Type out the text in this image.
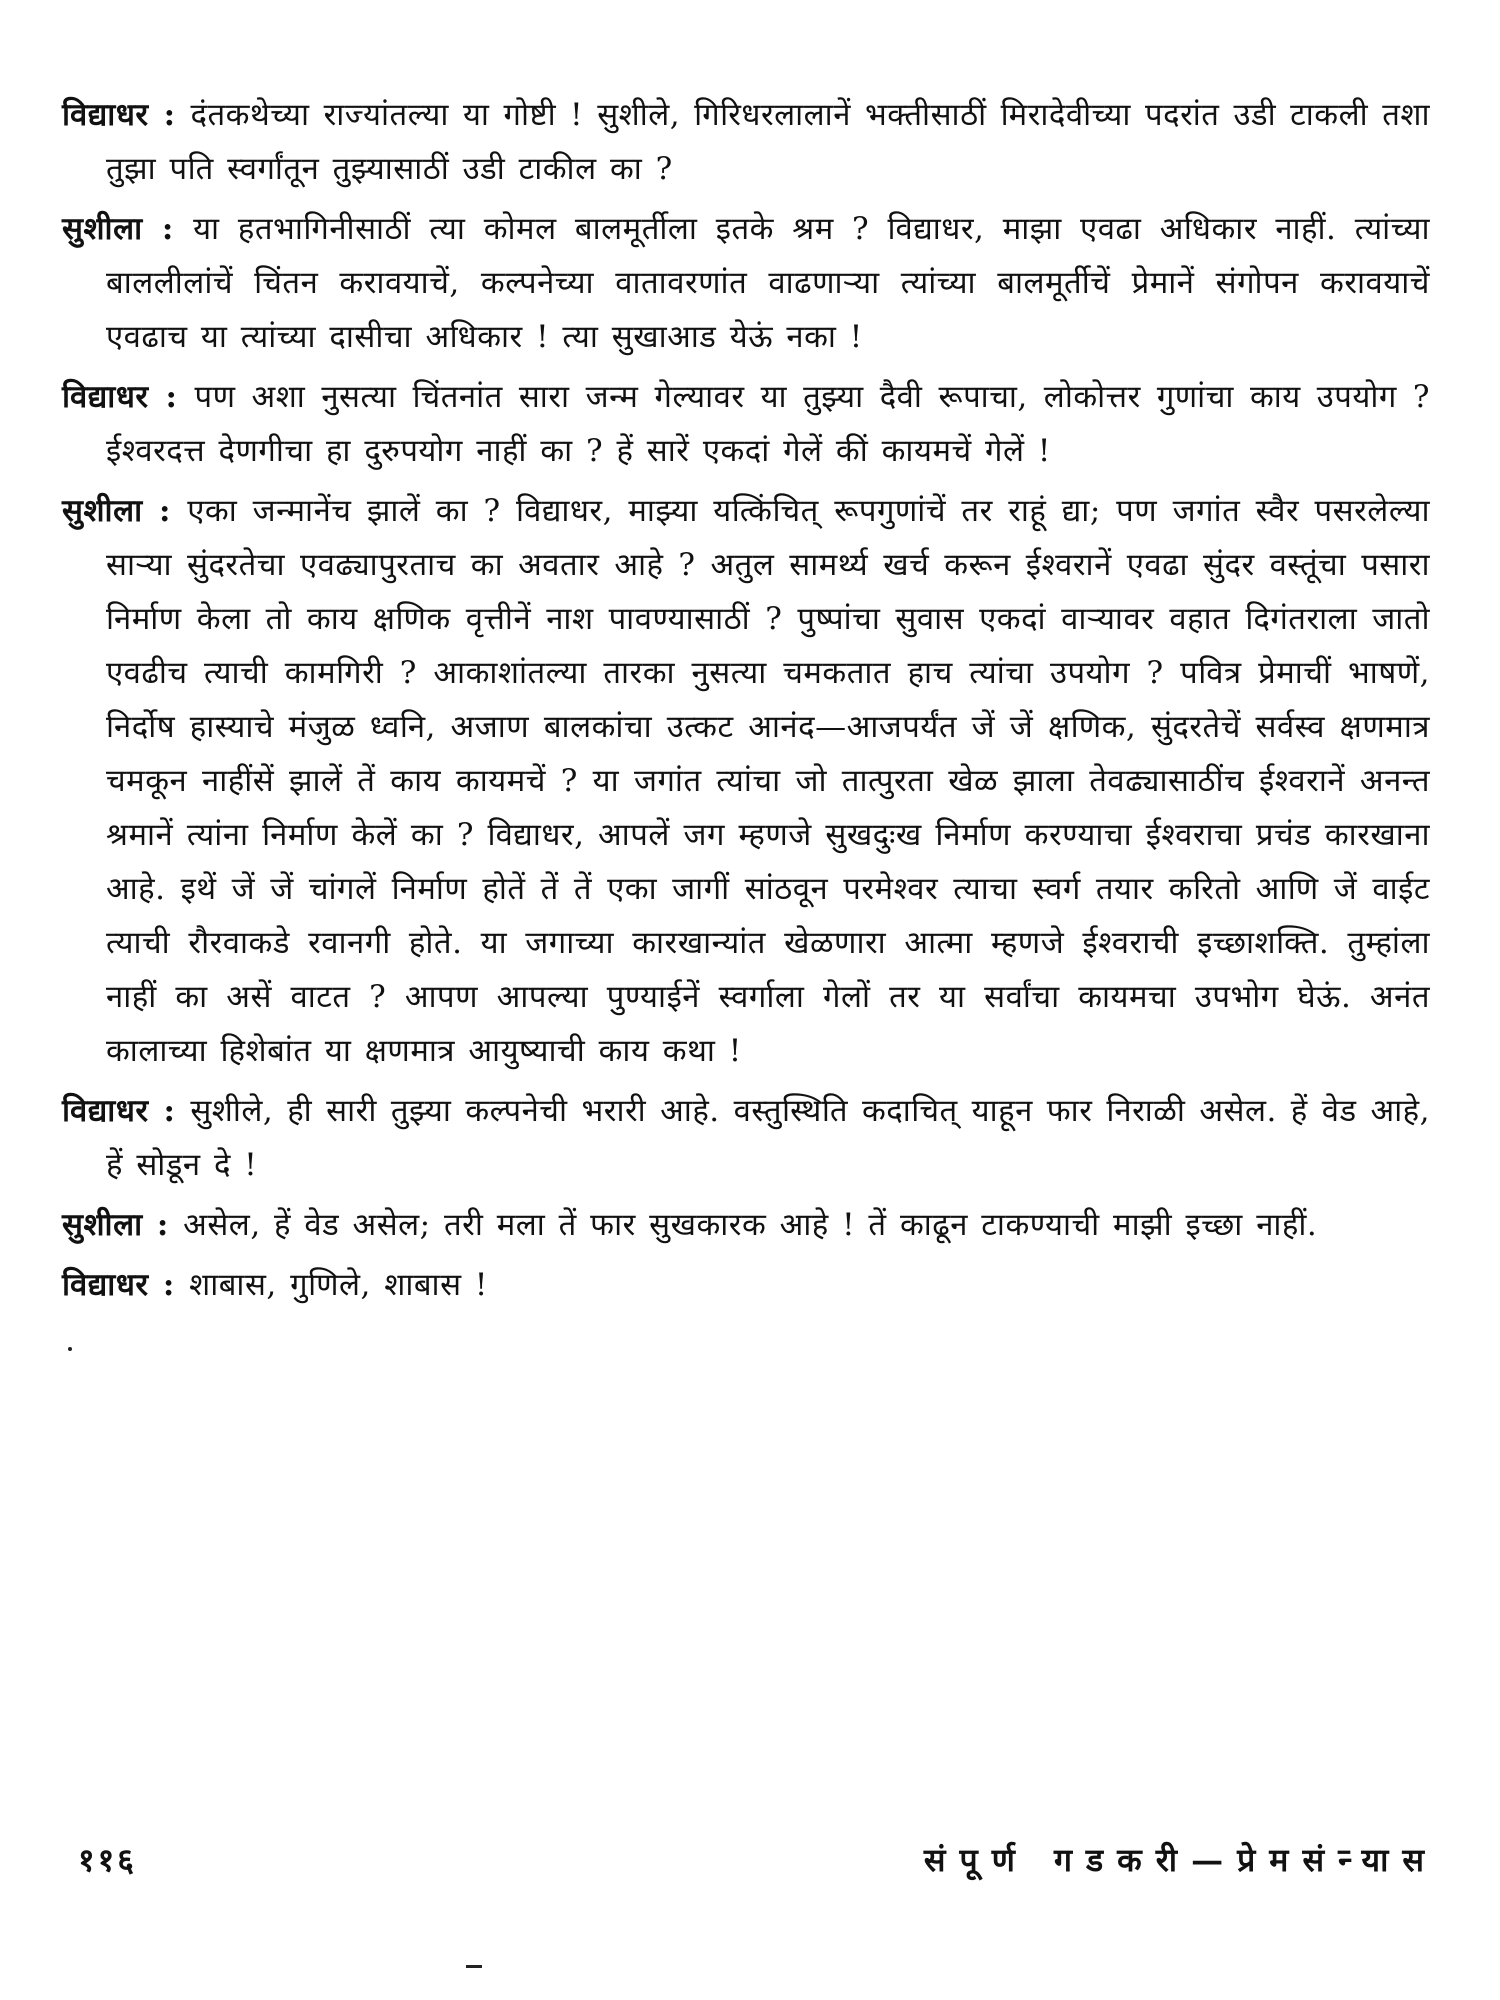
विद्याधर : दंतकथेच्या राज्यांतल्या या गोष्टी ! सुशीले, गिरिधरलालानें भक्तीसाठीं मिरादेवीच्या पदरांत उडी टाकली तशा तुझा पति स्वर्गांतून तुझ्यासाठीं उडी टाकील का ?

सुशीला : या हतभागिनीसाठीं त्या कोमल बालमूर्तीला इतके श्रम ? विद्याधर, माझा एवढा अधिकार नाहीं. त्यांच्या बाललीलांचें चिंतन करावयाचें, कल्पनेच्या वातावरणांत वाढणाऱ्या त्यांच्या बालमूर्तीचें प्रेमानें संगोपन करावयाचें एवढाच या त्यांच्या दासीचा अधिकार ! त्या सुखाआड येऊं नका !

विद्याधर : पण अशा नुसत्या चिंतनांत सारा जन्म गेल्यावर या तुझ्या दैवी रूपाचा, लोकोत्तर गुणांचा काय उपयोग ? ईश्वरदत्त देणगीचा हा दुरुपयोग नाहीं का ? हें सारें एकदां गेलें कीं कायमचें गेलें !

सुशीला : एका जन्मानेंच झालें का ? विद्याधर, माझ्या यत्किंचित् रूपगुणांचें तर राहूं द्या; पण जगांत स्वैर पसरलेल्या साऱ्या सुंदरतेचा एवढ्यापुरताच का अवतार आहे ? अतुल सामर्थ्य खर्च करून ईश्वरानें एवढा सुंदर वस्तूंचा पसारा निर्माण केला तो काय क्षणिक वृत्तीनें नाश पावण्यासाठीं ? पुष्पांचा सुवास एकदां वाऱ्यावर वहात दिगंतराला जातो एवढीच त्याची कामगिरी ? आकाशांतल्या तारका नुसत्या चमकतात हाच त्यांचा उपयोग ? पवित्र प्रेमाचीं भाषणें, निर्दोष हास्याचे मंजुळ ध्वनि, अजाण बालकांचा उत्कट आनंद—आजपर्यंत जें जें क्षणिक, सुंदरतेचें सर्वस्व क्षणमात्र चमकून नाहींसें झालें तें काय कायमचें ? या जगांत त्यांचा जो तात्पुरता खेळ झाला तेवढ्यासाठींच ईश्वरानें अनन्त श्रमानें त्यांना निर्माण केलें का ? विद्याधर, आपलें जग म्हणजे सुखदुःख निर्माण करण्याचा ईश्वराचा प्रचंड कारखाना आहे. इथें जें जें चांगलें निर्माण होतें तें तें एका जागीं सांठवून परमेश्वर त्याचा स्वर्ग तयार करितो आणि जें वाईट त्याची रौरवाकडे रवानगी होते. या जगाच्या कारखान्यांत खेळणारा आत्मा म्हणजे ईश्वराची इच्छाशक्ति. तुम्हांला नाहीं का असें वाटत ? आपण आपल्या पुण्याईनें स्वर्गाला गेलों तर या सर्वांचा कायमचा उपभोग घेऊं. अनंत कालाच्या हिशेबांत या क्षणमात्र आयुष्याची काय कथा !

विद्याधर : सुशीले, ही सारी तुझ्या कल्पनेची भरारी आहे. वस्तुस्थिति कदाचित् याहून फार निराळी असेल. हें वेड आहे, हें सोडून दे !

सुशीला : असेल, हें वेड असेल; तरी मला तें फार सुखकारक आहे ! तें काढून टाकण्याची माझी इच्छा नाहीं.

विद्याधर : शाबास, गुणिले, शाबास !

११६	संपूर्ण गडकरी—प्रेमसंन्यास
